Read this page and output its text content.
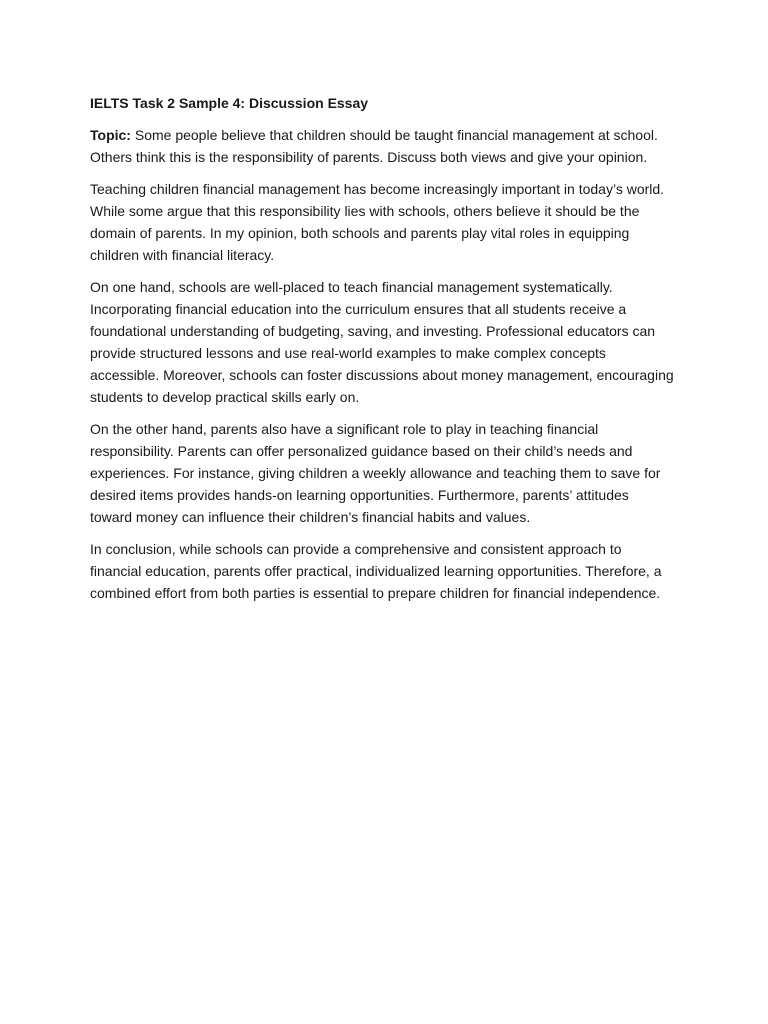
IELTS Task 2 Sample 4: Discussion Essay

Topic: Some people believe that children should be taught financial management at school. Others think this is the responsibility of parents. Discuss both views and give your opinion.

Teaching children financial management has become increasingly important in today’s world. While some argue that this responsibility lies with schools, others believe it should be the domain of parents. In my opinion, both schools and parents play vital roles in equipping children with financial literacy.

On one hand, schools are well-placed to teach financial management systematically. Incorporating financial education into the curriculum ensures that all students receive a foundational understanding of budgeting, saving, and investing. Professional educators can provide structured lessons and use real-world examples to make complex concepts accessible. Moreover, schools can foster discussions about money management, encouraging students to develop practical skills early on.

On the other hand, parents also have a significant role to play in teaching financial responsibility. Parents can offer personalized guidance based on their child’s needs and experiences. For instance, giving children a weekly allowance and teaching them to save for desired items provides hands-on learning opportunities. Furthermore, parents’ attitudes toward money can influence their children’s financial habits and values.

In conclusion, while schools can provide a comprehensive and consistent approach to financial education, parents offer practical, individualized learning opportunities. Therefore, a combined effort from both parties is essential to prepare children for financial independence.
